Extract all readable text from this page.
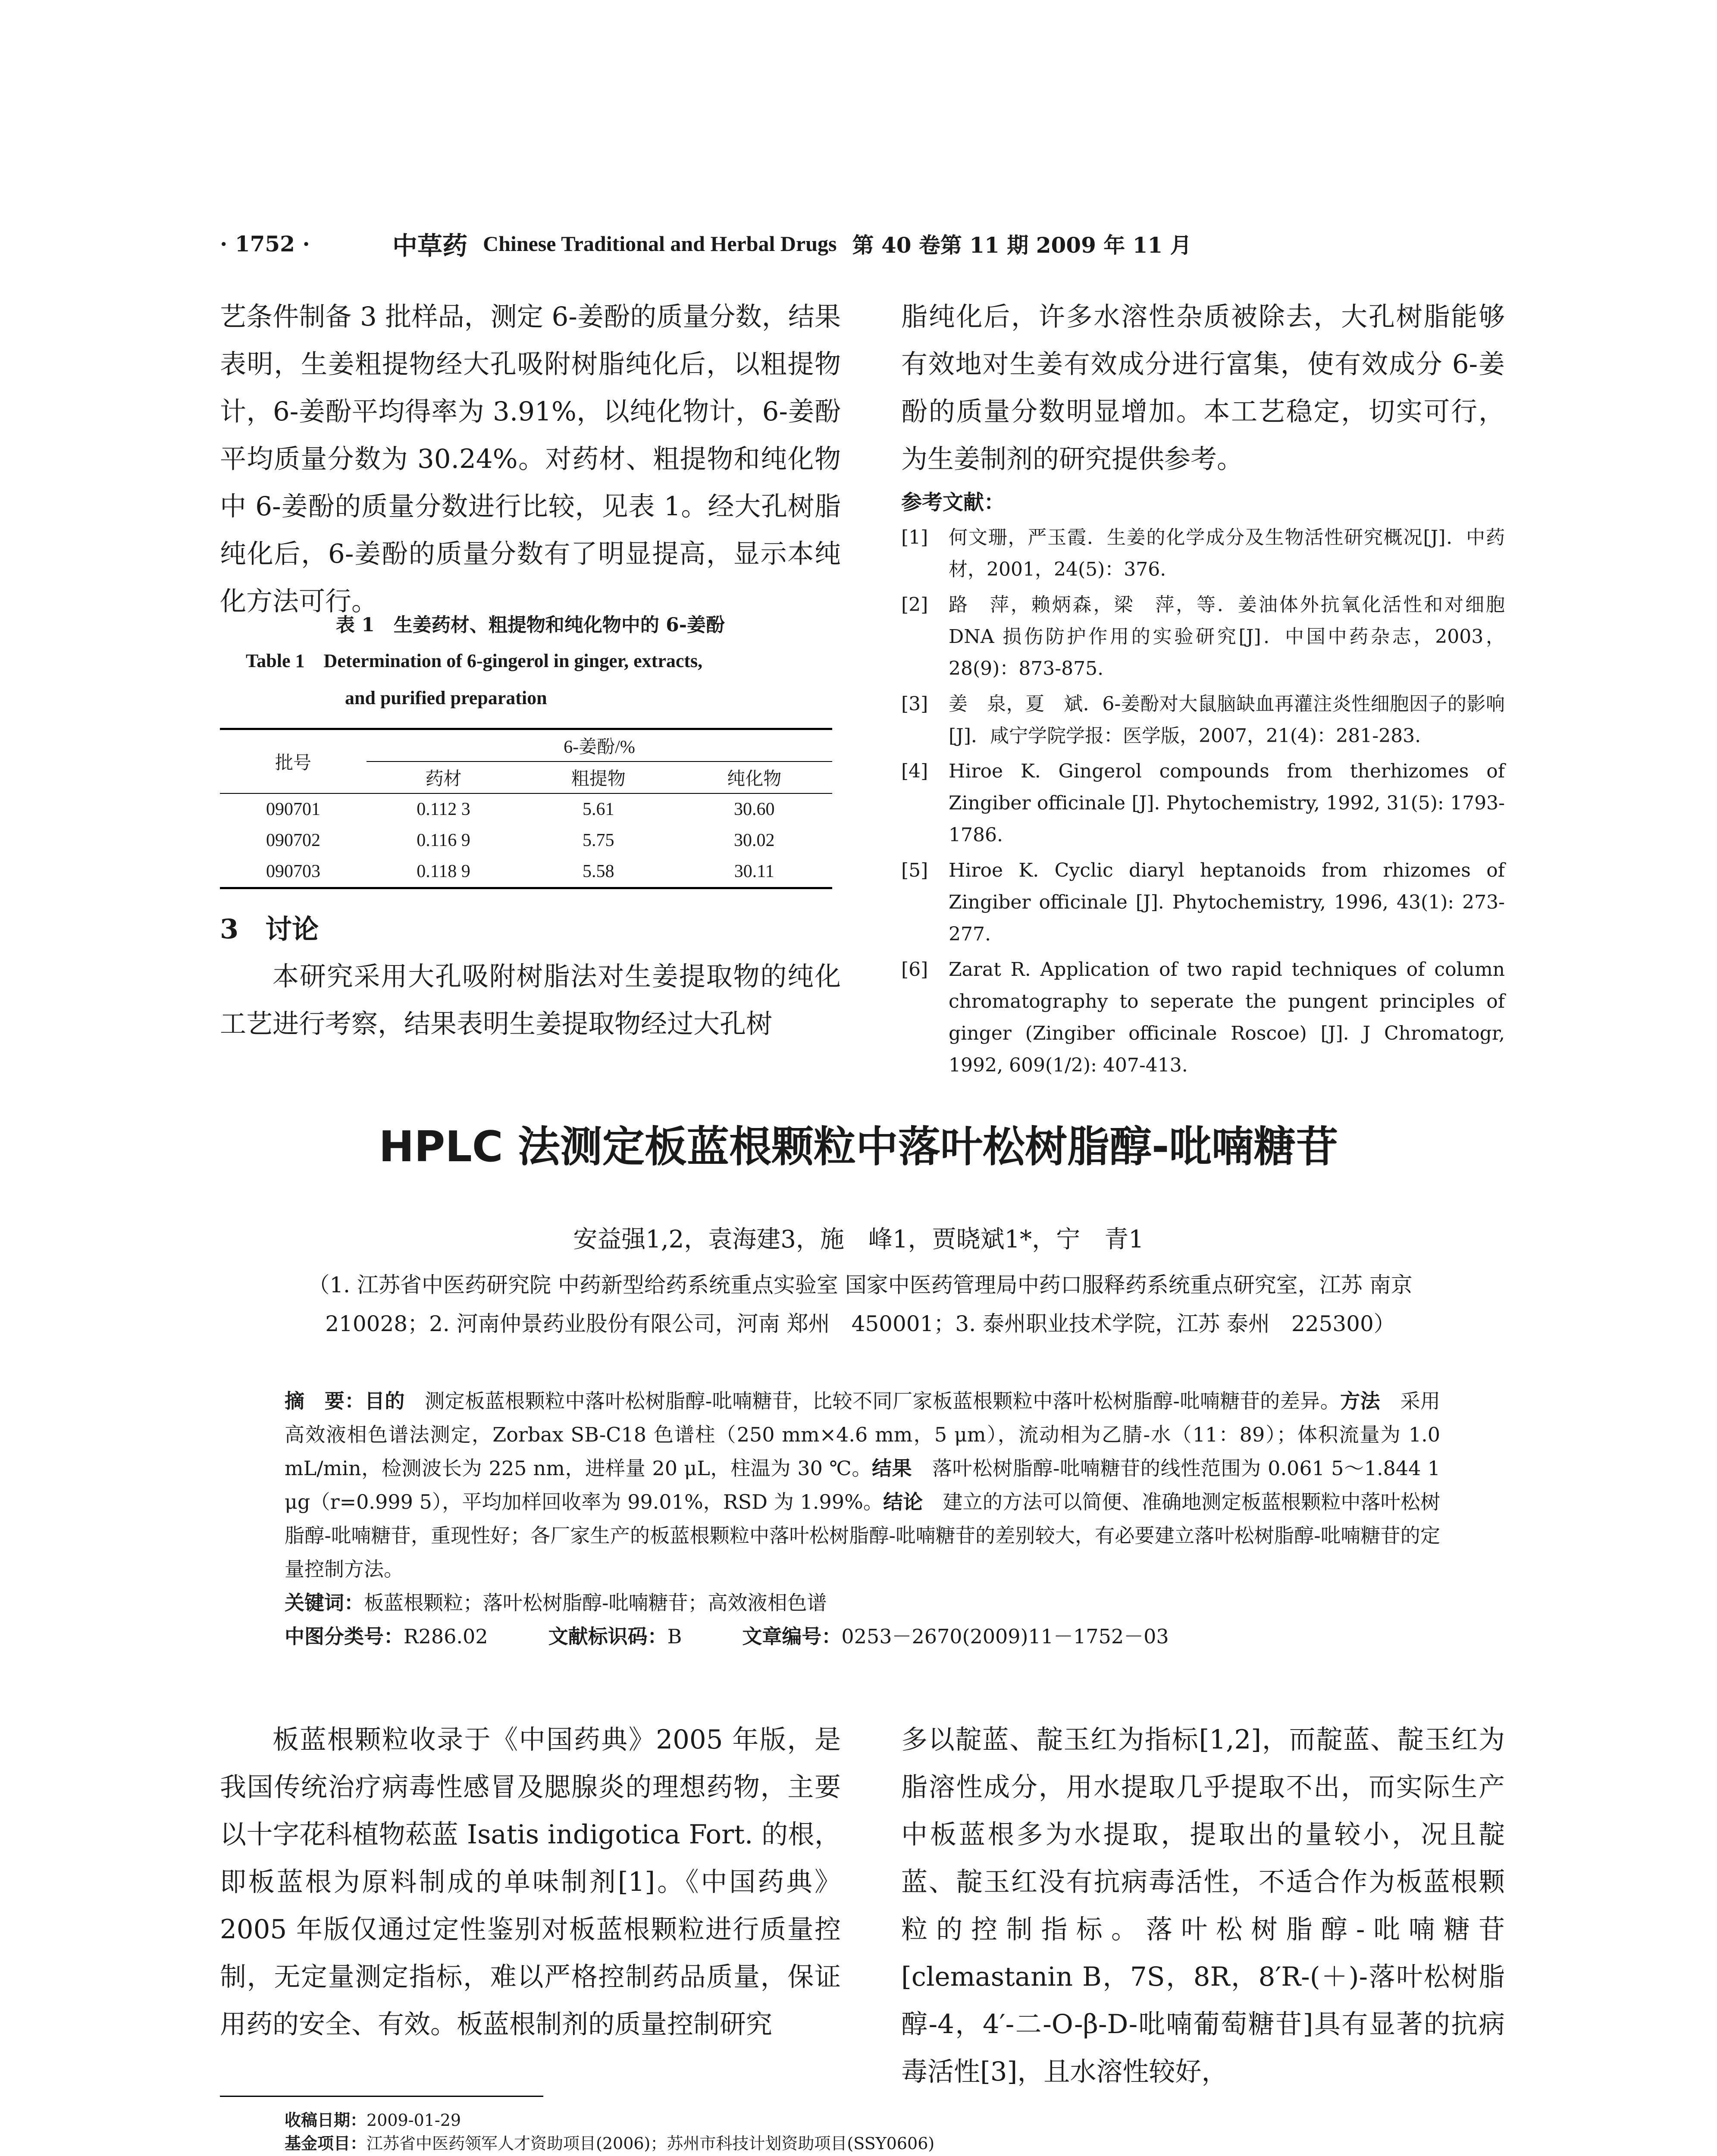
· 1752 ·	中草药 Chinese Traditional and Herbal Drugs 第 40 卷第 11 期 2009 年 11 月

艺条件制备 3 批样品，测定 6-姜酚的质量分数，结果表明，生姜粗提物经大孔吸附树脂纯化后，以粗提物计，6-姜酚平均得率为 3.91%，以纯化物计，6-姜酚平均质量分数为 30.24%。对药材、粗提物和纯化物中 6-姜酚的质量分数进行比较，见表 1。经大孔树脂纯化后，6-姜酚的质量分数有了明显提高，显示本纯化方法可行。

表 1　生姜药材、粗提物和纯化物中的 6-姜酚
Table 1　Determination of 6-gingerol in ginger, extracts,
and purified preparation
批号	6-姜酚/%		
	药材	粗提物	纯化物
090701	0.112 3	5.61	30.60
090702	0.116 9	5.75	30.02
090703	0.118 9	5.58	30.11
3　讨论

本研究采用大孔吸附树脂法对生姜提取物的纯化工艺进行考察，结果表明生姜提取物经过大孔树

脂纯化后，许多水溶性杂质被除去，大孔树脂能够有效地对生姜有效成分进行富集，使有效成分 6-姜酚的质量分数明显增加。本工艺稳定，切实可行，为生姜制剂的研究提供参考。

参考文献：
[1]	何文珊，严玉霞．生姜的化学成分及生物活性研究概况[J]．中药材，2001，24(5)：376.
[2]	路　萍，赖炳森，梁　萍，等．姜油体外抗氧化活性和对细胞DNA 损伤防护作用的实验研究[J]．中国中药杂志，2003，28(9)：873-875.
[3]	姜　泉，夏　斌．6-姜酚对大鼠脑缺血再灌注炎性细胞因子的影响[J]．咸宁学院学报：医学版，2007，21(4)：281-283.
[4]	Hiroe K. Gingerol compounds from therhizomes of Zingiber officinale [J]. Phytochemistry, 1992, 31(5): 1793-1786.
[5]	Hiroe K. Cyclic diaryl heptanoids from rhizomes of Zingiber officinale [J]. Phytochemistry, 1996, 43(1): 273-277.
[6]	Zarat R. Application of two rapid techniques of column chromatography to seperate the pungent principles of ginger (Zingiber officinale Roscoe) [J]. J Chromatogr, 1992, 609(1/2): 407-413.
HPLC 法测定板蓝根颗粒中落叶松树脂醇-吡喃糖苷
安益强1,2，袁海建3，施　峰1，贾晓斌1*，宁　青1
（1. 江苏省中医药研究院 中药新型给药系统重点实验室 国家中医药管理局中药口服释药系统重点研究室，江苏 南京
210028；2. 河南仲景药业股份有限公司，河南 郑州　450001；3. 泰州职业技术学院，江苏 泰州　225300）
摘　要：目的　 测定板蓝根颗粒中落叶松树脂醇-吡喃糖苷，比较不同厂家板蓝根颗粒中落叶松树脂醇-吡喃糖苷的差异。方法　 采用高效液相色谱法测定，Zorbax SB-C18 色谱柱（250 mm×4.6 mm，5 μm），流动相为乙腈-水（11：89）；体积流量为 1.0 mL/min，检测波长为 225 nm，进样量 20 μL，柱温为 30 ℃。结果　 落叶松树脂醇-吡喃糖苷的线性范围为 0.061 5～1.844 1 μg（r=0.999 5），平均加样回收率为 99.01%，RSD 为 1.99%。结论　 建立的方法可以简便、准确地测定板蓝根颗粒中落叶松树脂醇-吡喃糖苷，重现性好；各厂家生产的板蓝根颗粒中落叶松树脂醇-吡喃糖苷的差别较大，有必要建立落叶松树脂醇-吡喃糖苷的定量控制方法。
关键词：板蓝根颗粒；落叶松树脂醇-吡喃糖苷；高效液相色谱
中图分类号：R286.02	文献标识码：B	文章编号：0253－2670(2009)11－1752－03

板蓝根颗粒收录于《中国药典》2005 年版，是我国传统治疗病毒性感冒及腮腺炎的理想药物，主要以十字花科植物菘蓝 Isatis indigotica Fort. 的根，即板蓝根为原料制成的单味制剂[1]。《中国药典》2005 年版仅通过定性鉴别对板蓝根颗粒进行质量控制，无定量测定指标，难以严格控制药品质量，保证用药的安全、有效。板蓝根制剂的质量控制研究

多以靛蓝、靛玉红为指标[1,2]，而靛蓝、靛玉红为脂溶性成分，用水提取几乎提取不出，而实际生产中板蓝根多为水提取，提取出的量较小，况且靛蓝、靛玉红没有抗病毒活性，不适合作为板蓝根颗粒的控制指标。落叶松树脂醇-吡喃糖苷[clemastanin B，7S，8R，8′R-(＋)-落叶松树脂醇-4，4′-二-O-β-D-吡喃葡萄糖苷]具有显著的抗病毒活性[3]，且水溶性较好，

收稿日期：2009-01-29
基金项目：江苏省中医药领军人才资助项目(2006)；苏州市科技计划资助项目(SSY0606)
